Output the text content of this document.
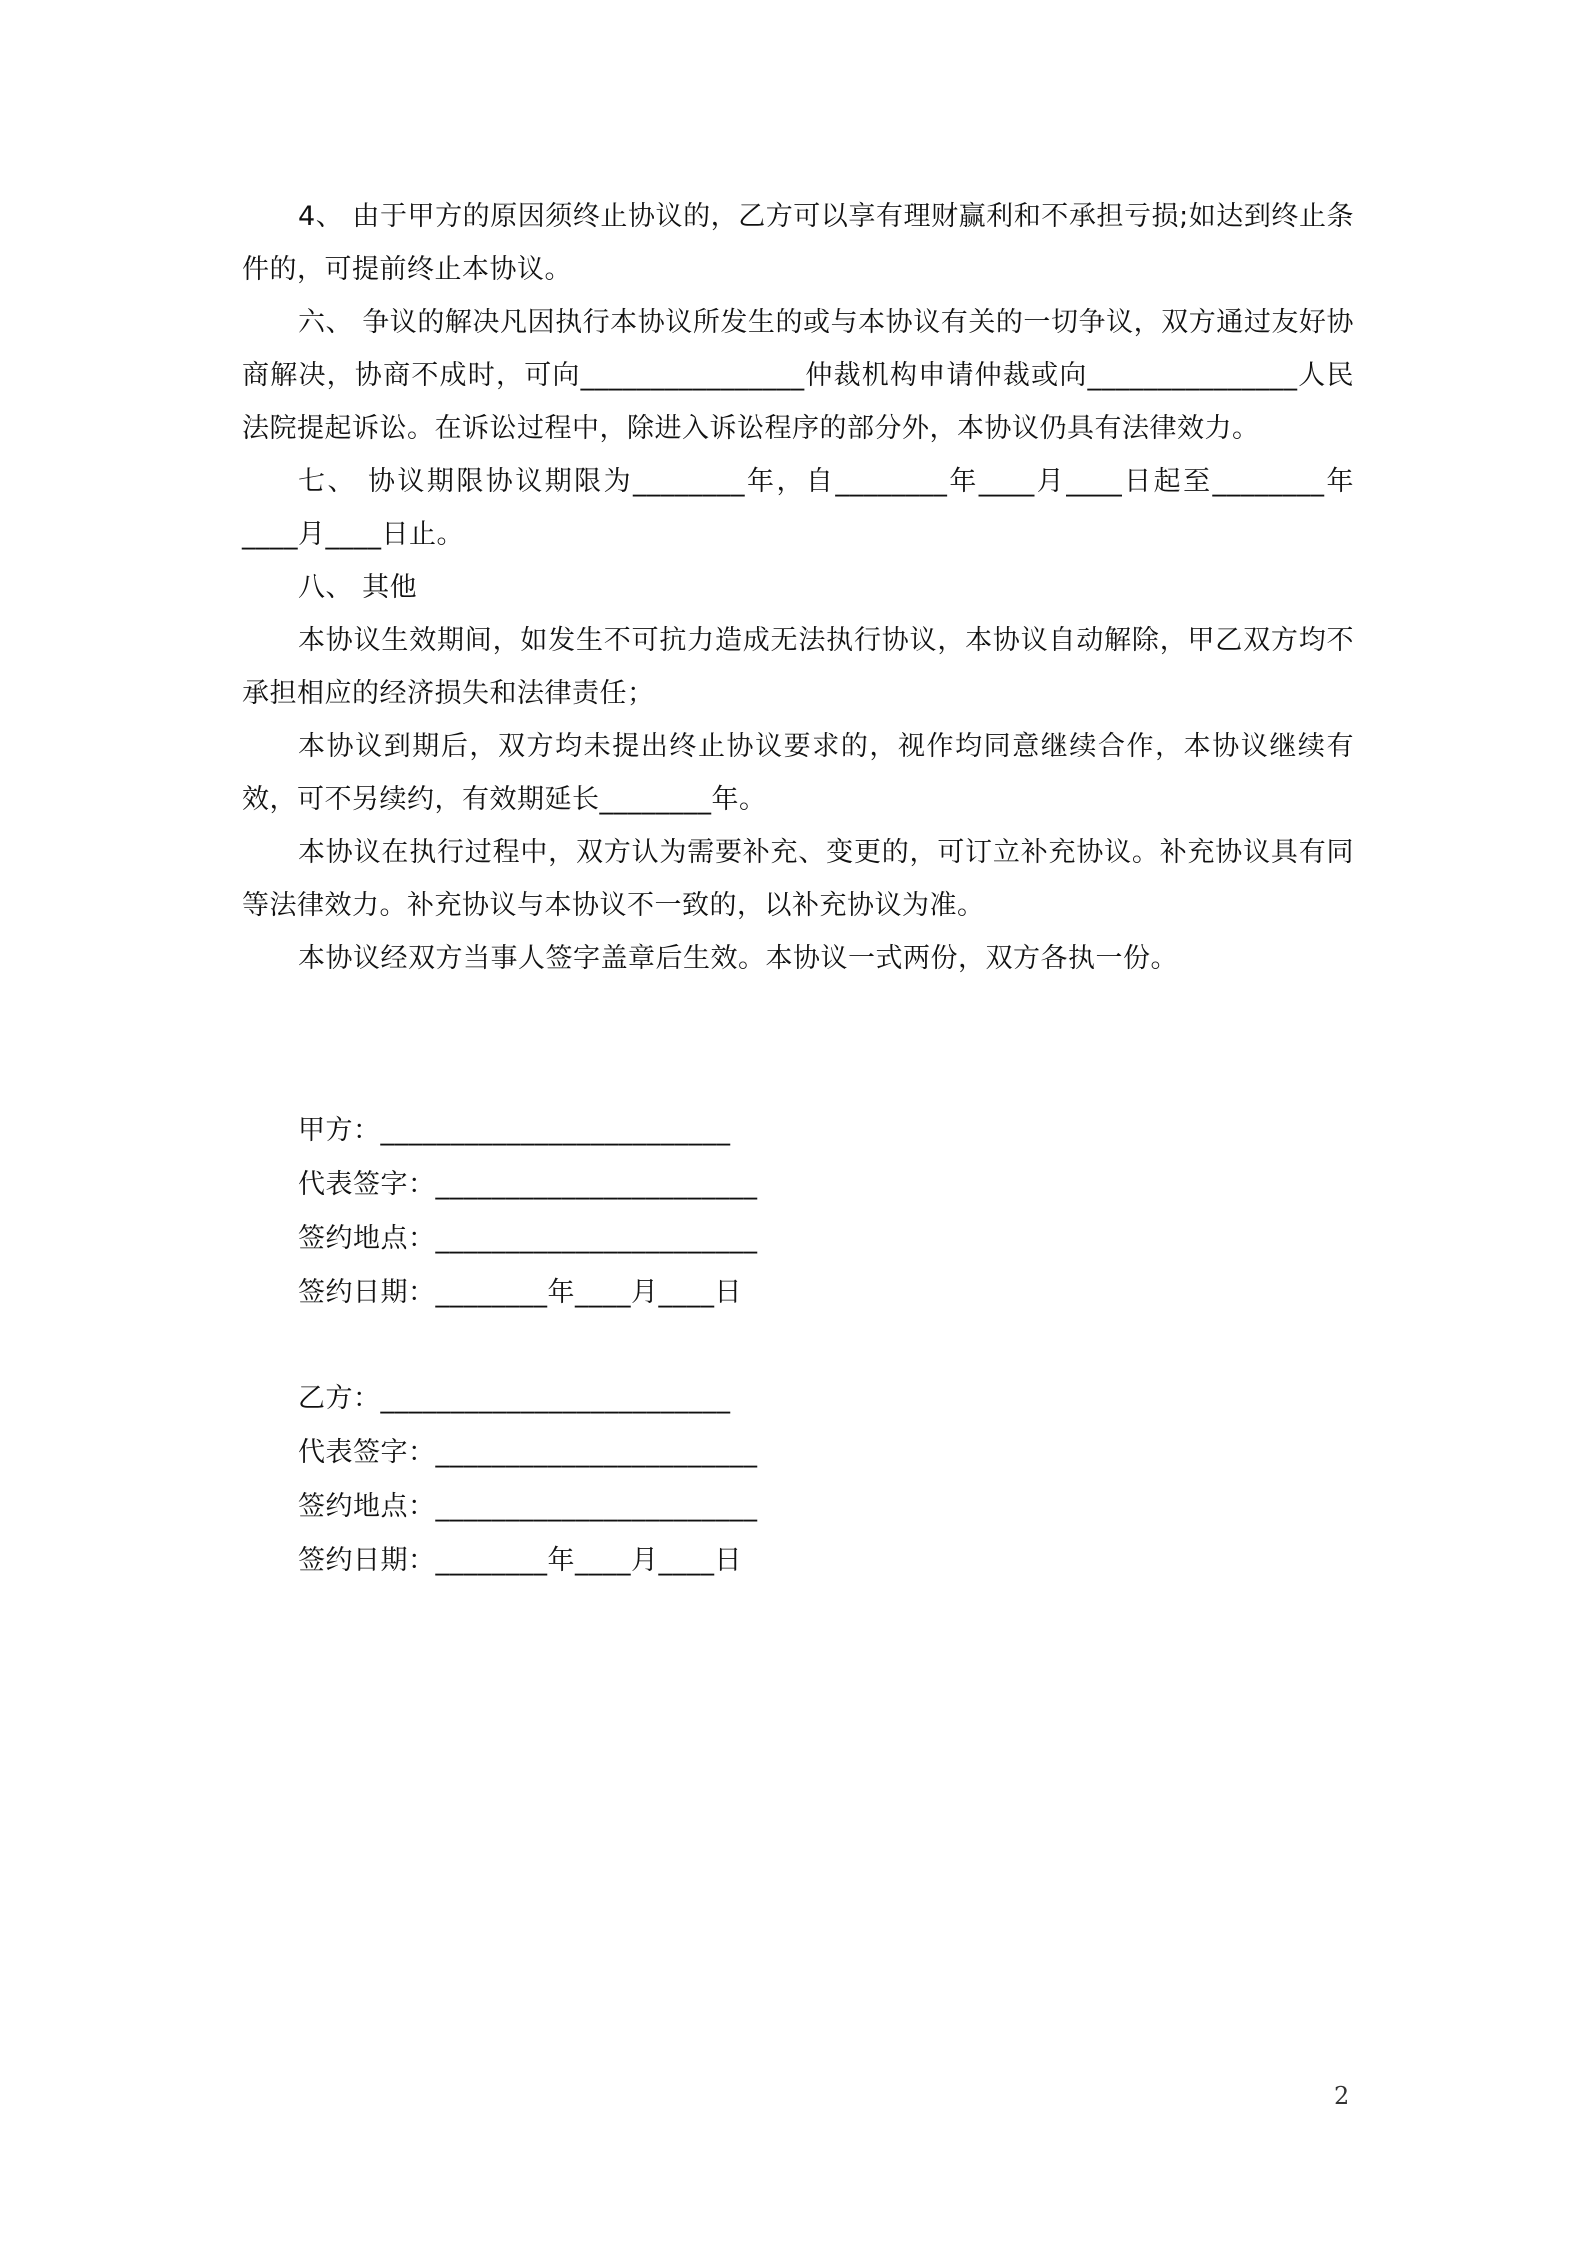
4、 由于甲方的原因须终止协议的，乙方可以享有理财赢利和不承担亏损;如达到终止条件的，可提前终止本协议。

六、 争议的解决凡因执行本协议所发生的或与本协议有关的一切争议，双方通过友好协商解决，协商不成时，可向________________仲裁机构申请仲裁或向_______________人民法院提起诉讼。在诉讼过程中，除进入诉讼程序的部分外，本协议仍具有法律效力。

七、 协议期限协议期限为________年，自________年____月____日起至________年____月____日止。

八、 其他

本协议生效期间，如发生不可抗力造成无法执行协议，本协议自动解除，甲乙双方均不承担相应的经济损失和法律责任；

本协议到期后，双方均未提出终止协议要求的，视作均同意继续合作，本协议继续有效，可不另续约，有效期延长________年。

本协议在执行过程中，双方认为需要补充、变更的，可订立补充协议。补充协议具有同等法律效力。补充协议与本协议不一致的，以补充协议为准。

本协议经双方当事人签字盖章后生效。本协议一式两份，双方各执一份。

甲方：_________________________

代表签字：_______________________

签约地点：_______________________

签约日期：________年____月____日

乙方：_________________________

代表签字：_______________________

签约地点：_______________________

签约日期：________年____月____日

2
